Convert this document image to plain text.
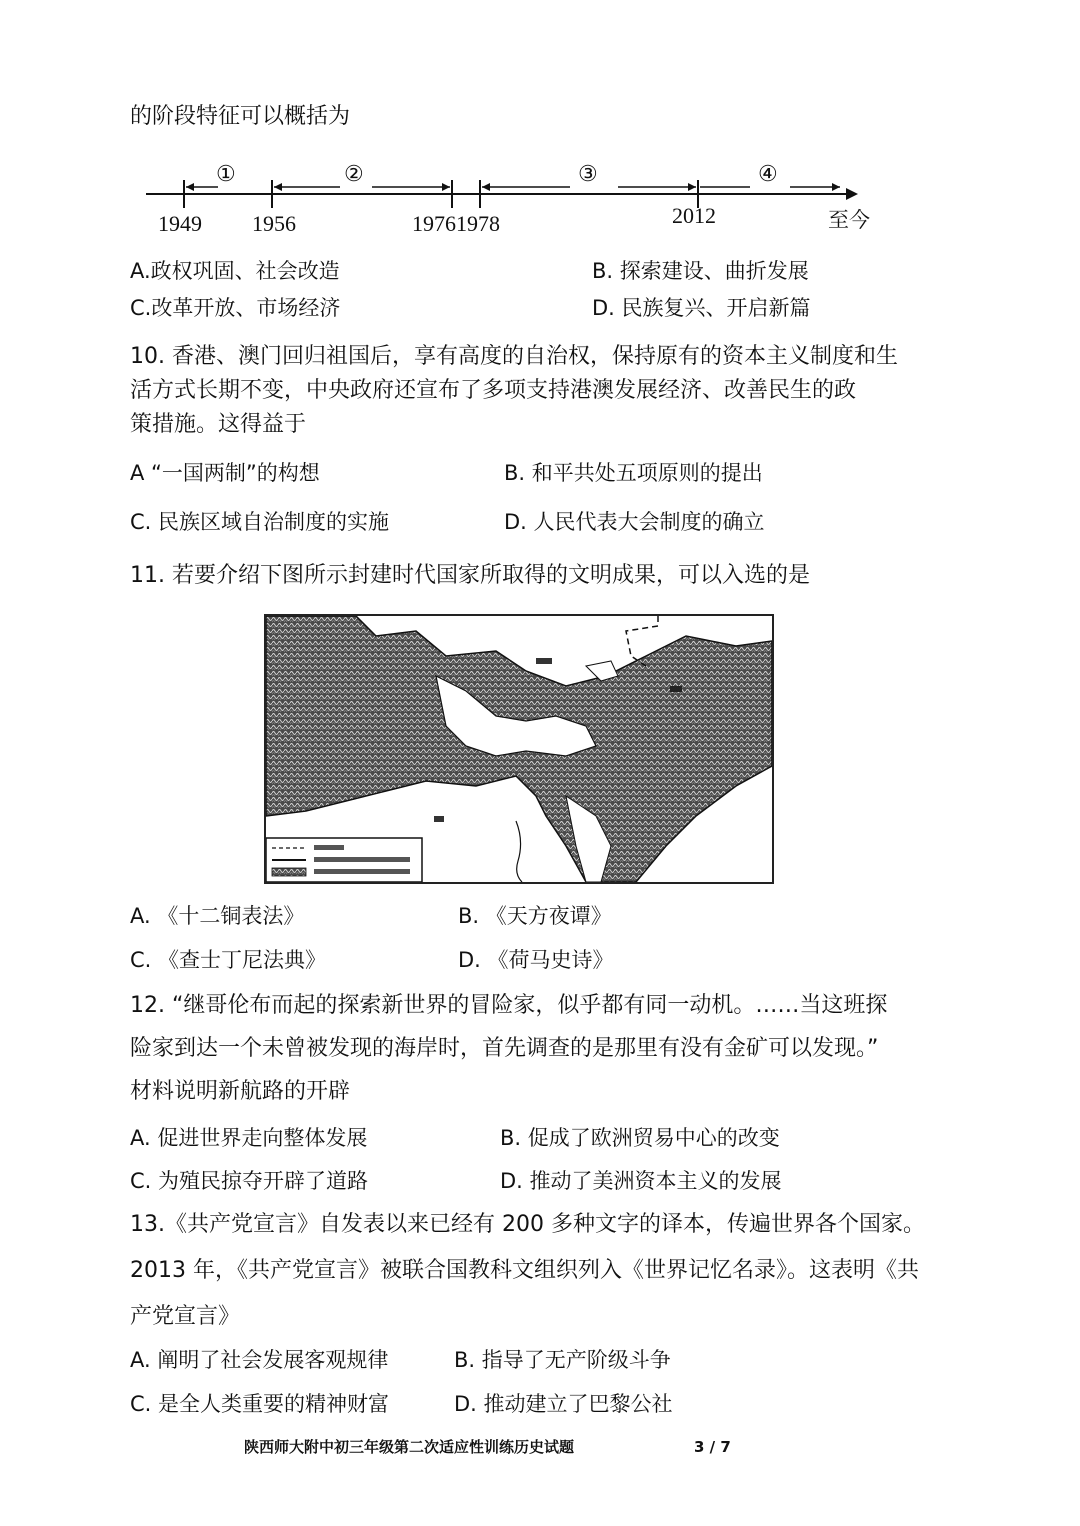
的阶段特征可以概括为
①	②	③	④
1949 1956	19761978	2012	至今
A.政权巩固、社会改造	B. 探索建设、曲折发展
C.改革开放、市场经济	D. 民族复兴、开启新篇
10. 香港、澳门回归祖国后，享有高度的自治权，保持原有的资本主义制度和生
活方式长期不变，中央政府还宣布了多项支持港澳发展经济、改善民生的政
策措施。这得益于
A “一国两制”的构想	B. 和平共处五项原则的提出
C. 民族区域自治制度的实施	D. 人民代表大会制度的确立
11. 若要介绍下图所示封建时代国家所取得的文明成果，可以入选的是
A. 《十二铜表法》	B. 《天方夜谭》
C. 《查士丁尼法典》	D. 《荷马史诗》
12. “继哥伦布而起的探索新世界的冒险家，似乎都有同一动机。……当这班探
险家到达一个未曾被发现的海岸时，首先调查的是那里有没有金矿可以发现。”
材料说明新航路的开辟
A. 促进世界走向整体发展	B. 促成了欧洲贸易中心的改变
C. 为殖民掠夺开辟了道路	D. 推动了美洲资本主义的发展
13.《共产党宣言》自发表以来已经有 200 多种文字的译本，传遍世界各个国家。
2013 年，《共产党宣言》被联合国教科文组织列入《世界记忆名录》。这表明《共
产党宣言》
A. 阐明了社会发展客观规律	B. 指导了无产阶级斗争
C. 是全人类重要的精神财富	D. 推动建立了巴黎公社
陕西师大附中初三年级第二次适应性训练历史试题	3 / 7
